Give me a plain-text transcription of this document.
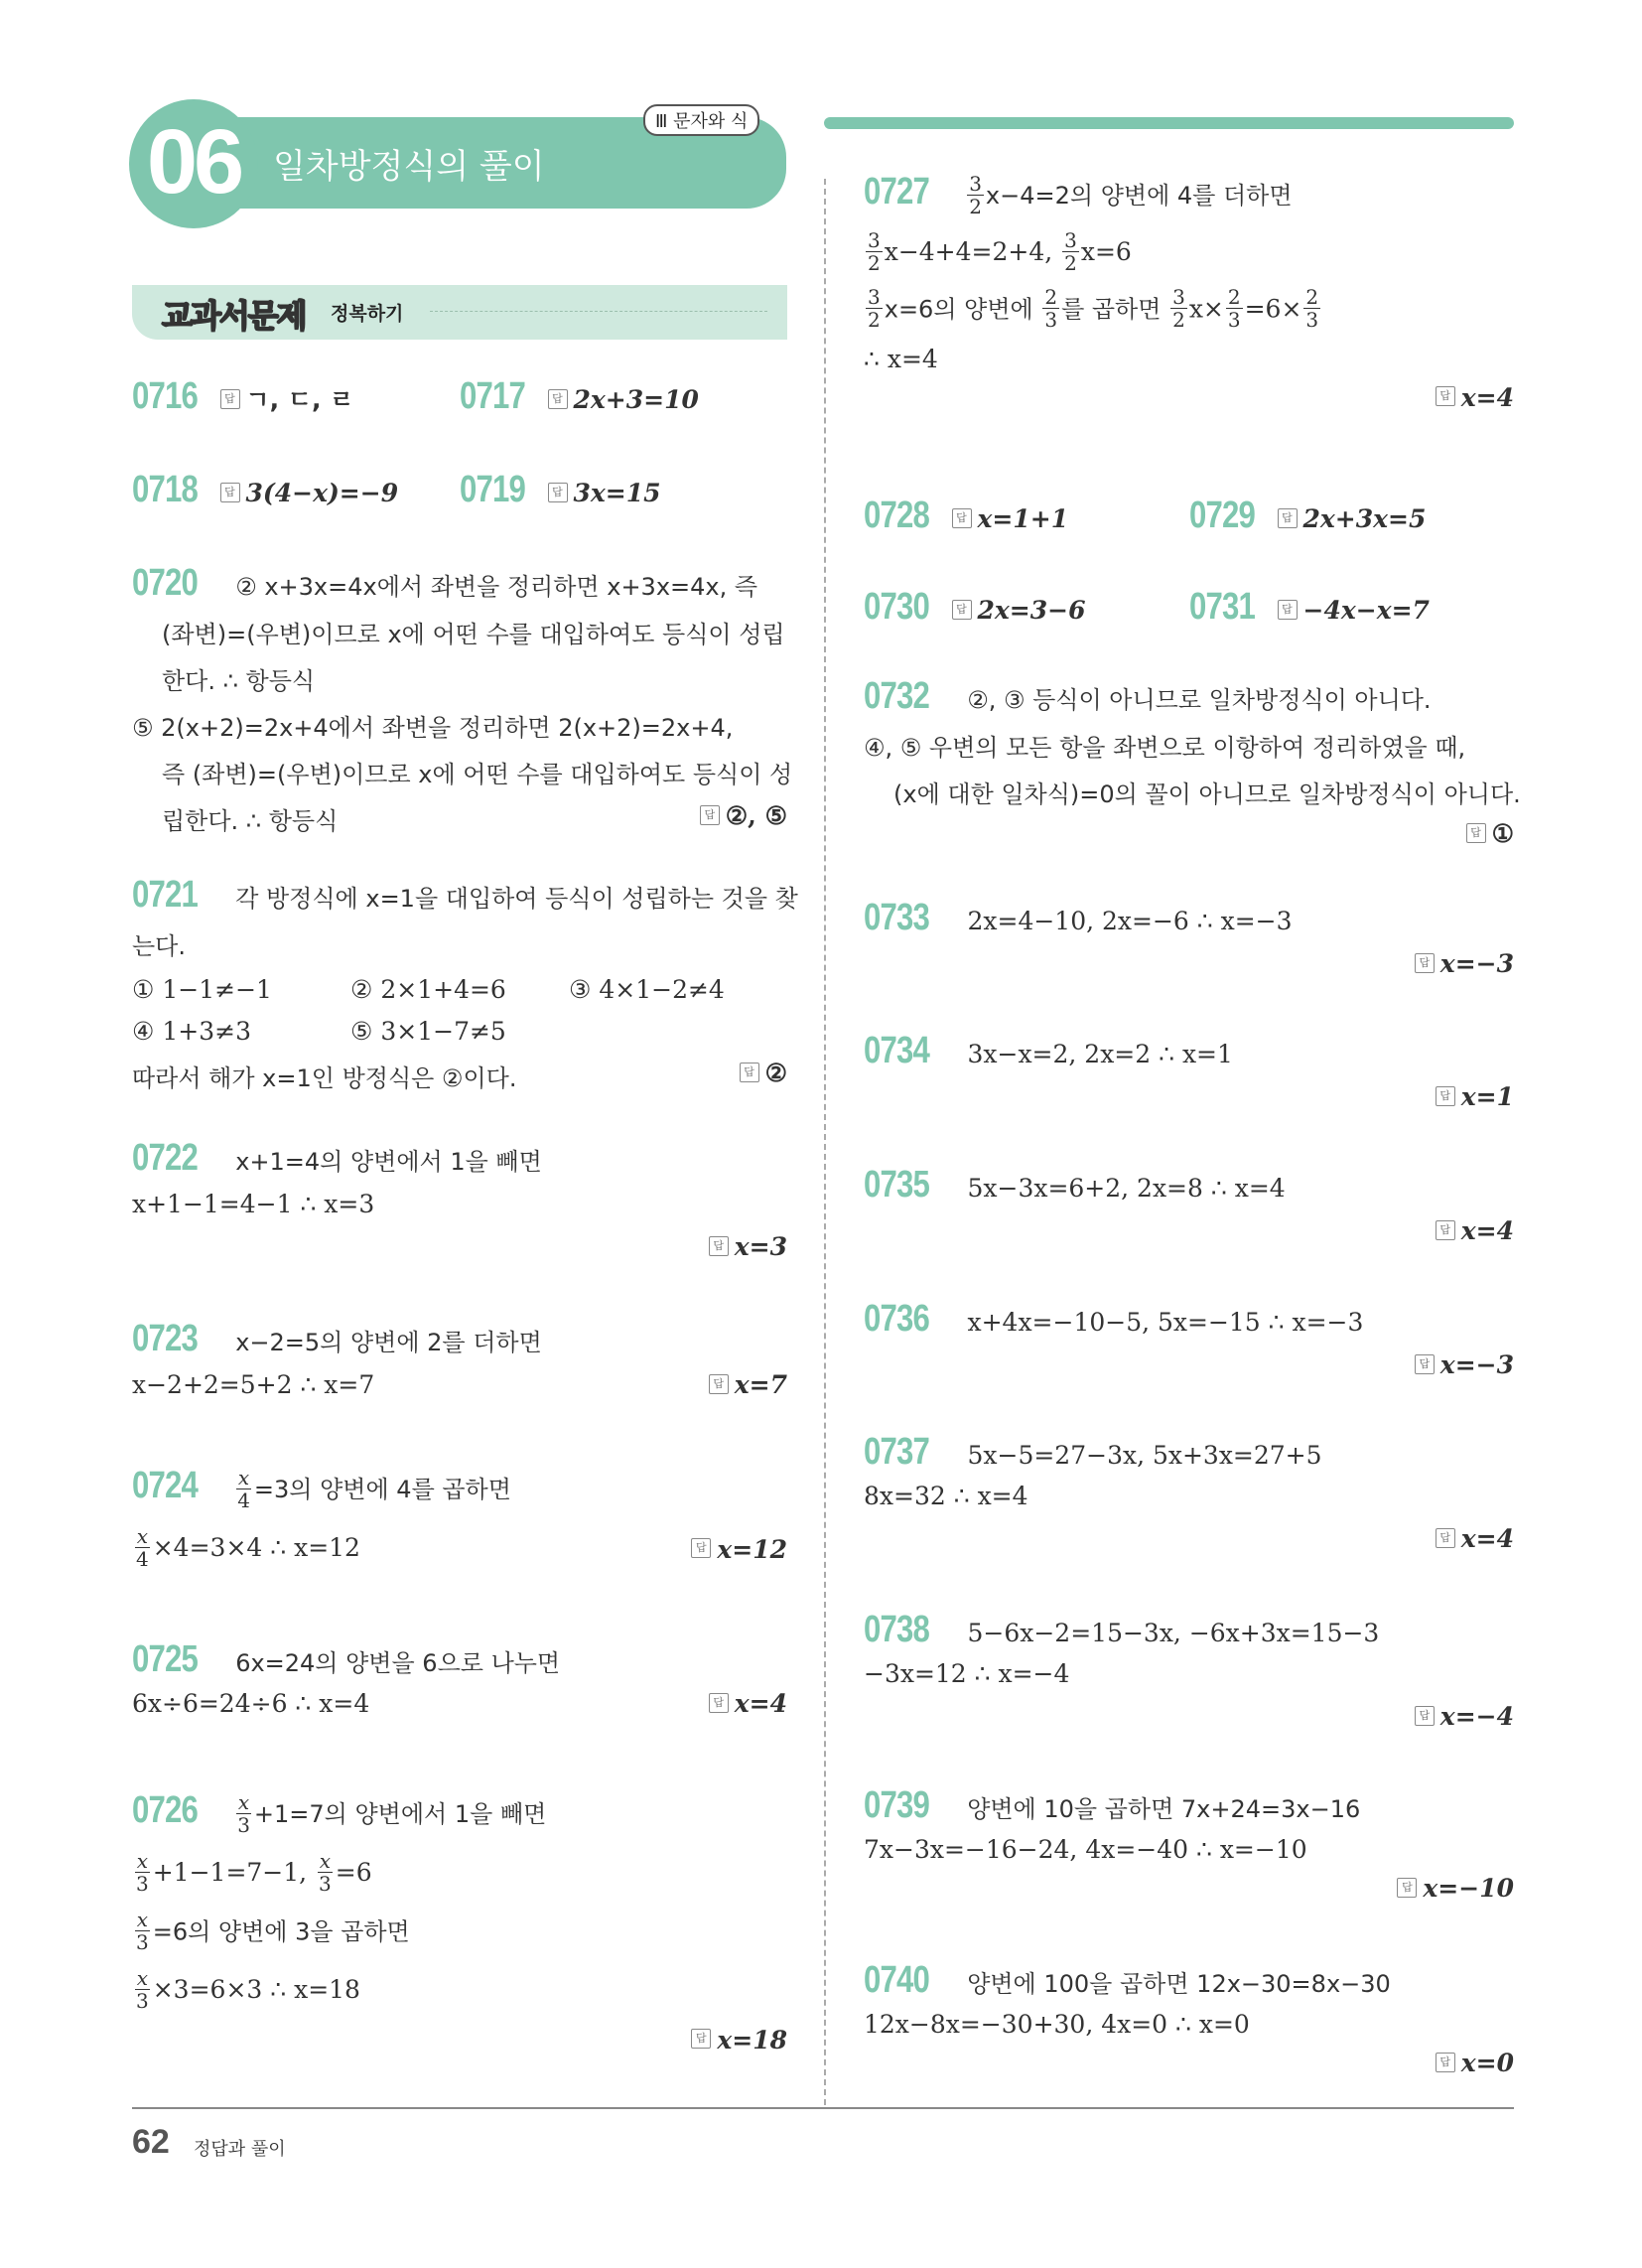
06 일차방정식의 풀이
Ⅲ 문자와 식
교과서문제 정복하기
0716 답 ㄱ, ㄷ, ㄹ	0717 답 2x+3=10
0718 답 3(4−x)=−9 0719 답 3x=15
0720 ② x+3x=4x에서 좌변을 정리하면 x+3x=4x, 즉
(좌변)=(우변)이므로 x에 어떤 수를 대입하여도 등식이 성립
한다. ∴ 항등식
⑤ 2(x+2)=2x+4에서 좌변을 정리하면 2(x+2)=2x+4,
즉 (좌변)=(우변)이므로 x에 어떤 수를 대입하여도 등식이 성
립한다. ∴ 항등식	답 ②, ⑤
0721 각 방정식에 x=1을 대입하여 등식이 성립하는 것을 찾
는다.
① 1−1≠−1	② 2×1+4=6	③ 4×1−2≠4
④ 1+3≠3	⑤ 3×1−7≠5
따라서 해가 x=1인 방정식은 ②이다.	답 ②
0722 x+1=4의 양변에서 1을 빼면
x+1−1=4−1 ∴ x=3
답 x=3
0723 x−2=5의 양변에 2를 더하면
x−2+2=5+2 ∴ x=7	답 x=7
$0724 \frac{x}{4} =3$의 양변에 4를 곱하면
$\frac{x}{4} \times 4=3\times 4$ ∴ x=12	답 x=12
0725 6x=24의 양변을 6으로 나누면
6x÷6=24÷6 ∴ x=4	답 x=4
$0726 \frac{x}{3} +1=7$의 양변에서 1을 빼면
$\frac{x}{3} +1-1=7-1$, $\frac{x}{3} =6$
$\frac{x}{3} =6$의 양변에 3을 곱하면
$\frac{x}{3} \times 3=6\times 3$ ∴ x=18
답 x=18
$0727 \frac{3}{2} x-4=2$의 양변에 4를 더하면
$\frac{3}{2} x-4+4=2+4$, $\frac{3}{2} x=6$
$\frac{3}{2} x=6$의 양변에 $\frac{2}{3}$ 를 곱하면 $\frac{3}{2} x\times \frac{2}{3} =6\times \frac{2}{3}$
∴ x=4
답 x=4
0728 답 x=1+1	0729 답 2x+3x=5
0730 답 2x=3−6	0731 답 −4x−x=7
0732 ②, ③ 등식이 아니므로 일차방정식이 아니다.
④, ⑤ 우변의 모든 항을 좌변으로 이항하여 정리하였을 때,
(x에 대한 일차식)=0의 꼴이 아니므로 일차방정식이 아니다.
답 ①
0733 2x=4−10, 2x=−6 ∴ x=−3
답 x=−3
0734 3x−x=2, 2x=2 ∴ x=1
답 x=1
0735 5x−3x=6+2, 2x=8 ∴ x=4
답 x=4
0736 x+4x=−10−5, 5x=−15 ∴ x=−3
답 x=−3
0737 5x−5=27−3x, 5x+3x=27+5
8x=32 ∴ x=4
답 x=4
0738 5−6x−2=15−3x, −6x+3x=15−3
−3x=12 ∴ x=−4
답 x=−4
0739 양변에 10을 곱하면 7x+24=3x−16
7x−3x=−16−24, 4x=−40 ∴ x=−10
답 x=−10
0740 양변에 100을 곱하면 12x−30=8x−30
12x−8x=−30+30, 4x=0 ∴ x=0
답 x=0
62 정답과 풀이
